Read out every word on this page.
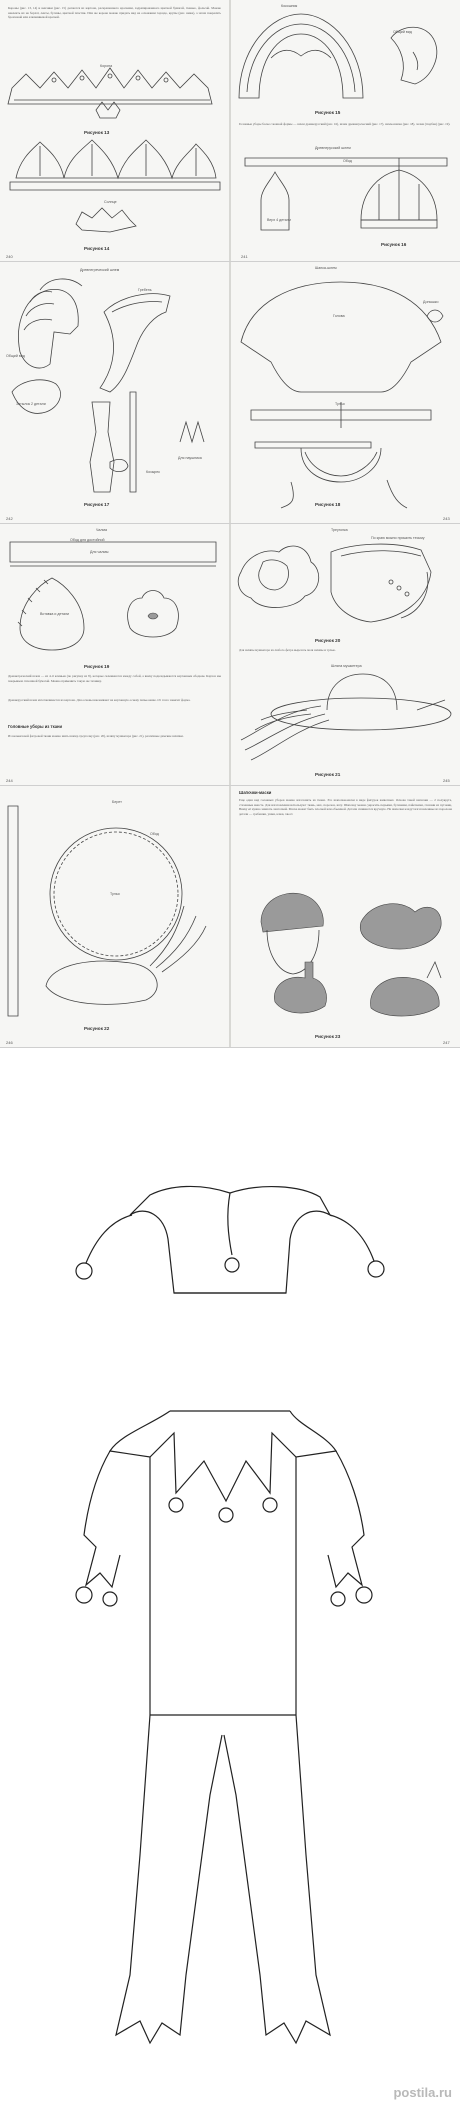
Короны (рис. 13, 14) и венчики (рис. 15) делаются из картона, раскрашенного красками, задрапированного цветной бумагой, тканью, фольгой. Можно наклеить их на бархат, ленты, бусины, цветной пластик. Или же короне можно придать вид на основании гораздо, крупы (рис. ниже), а затем покрасить бронзовой или алюминиевой краской.
Корона
Рисунок 13
Солнце
Рисунок 14
240
Кокошник
Общий вид
Рисунок 15
Головные уборы более сложной формы — шлем древнерусский (рис. 16), шлем древнегреческий (рис. 17), шлем-шапка (рис. 18), чалма (тюрбан) (рис. 19).
Древнерусский шлем
Обод
Верх 4 детали
Рисунок 16
241
Древнегреческий шлем
Гребень
Общий вид
Затылок 2 детали
Козырек
Для наушника
Рисунок 17
242
Шапка-шлем
Голова
Донышко
Тулья
Рисунок 18
243
Чалма
Обод для достойной
Для чалмы
Вставка и детали
Рисунок 19
Древнегреческий шлем — из 4–6 клиньев (по рисунку из 8), которые склеиваются между собой, а внизу подкладываются картонным ободком. Картон мы покрываем сплошной бумагой. Можно применить такую же технику.
Древнерусский шлем изготавливается из картона. Для основы наклеивают на картонную основу папье-маше. От этого зависит форма.
Головные уборы из ткани
Из вельветовой фетровой ткани можно шить шапку-треуголку (рис. 20), шляпу мушкетера (рис. 21), различные дамские шляпки.
244
Треуголка
По краю можно пришить тесьму
Рисунок 20
Для шляпы мушкетера из любого фетра вырезать поля шляпы и тулью.
Шляпа мушкетера
Рисунок 21
245
Берет
Обод
Тулья
Рисунок 22
246
Шапочки-маски
Еще один вид головных уборов можно изготовить из ткани. Это шапочки-маски в виде фигурок животных. Основа такой шапочки — 2 полукруга, стачанные вместе. Для изготовления используют ткань, мех, поролон, вату. Шапочку можно украсить перьями, бусинами, пайетками, глазами из пуговиц. Внизу её нужно завязать ленточкой. Маска может быть плоской или объемной. Детали сшиваются вручную. На шапочки кладут изготовленные из поролона детали — гребешки, ушки, клюв, хвост.
Рисунок 23
247
postila.ru
